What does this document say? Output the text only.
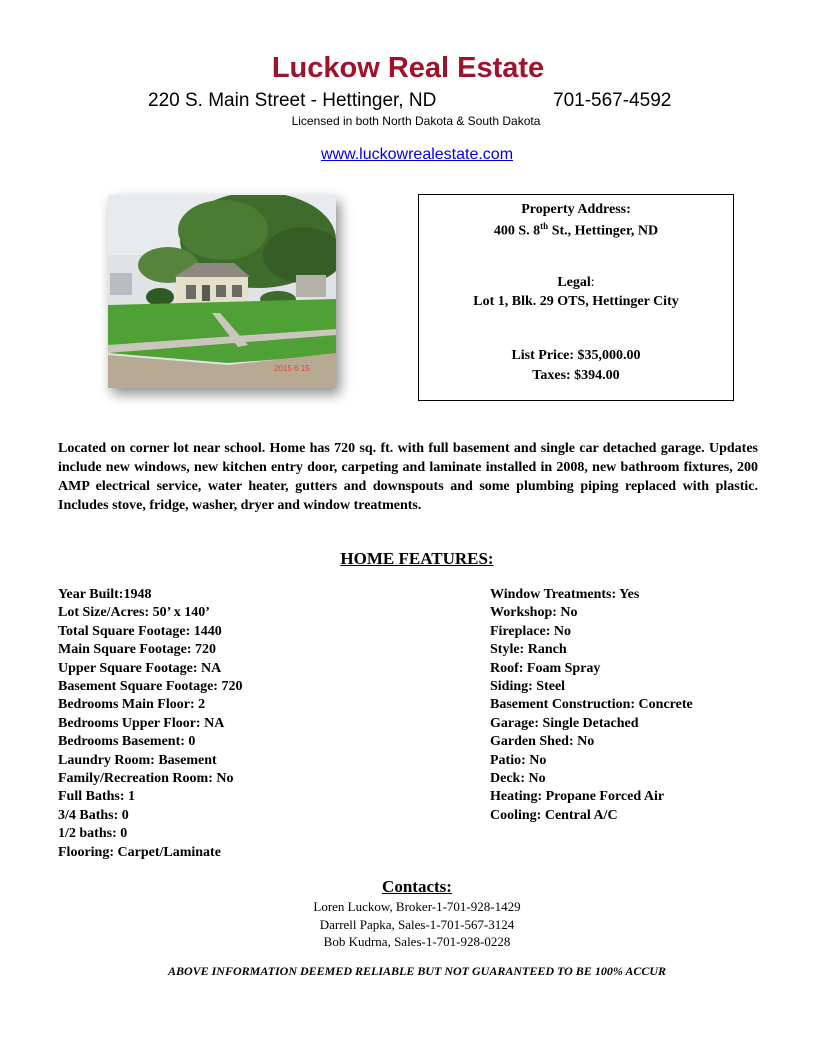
Luckow Real Estate
220 S. Main Street - Hettinger, ND	701-567-4592
Licensed in both North Dakota & South Dakota
www.luckowrealestate.com
2015 6 15
Property Address:
400 S. 8th St., Hettinger, ND
Legal:
Lot 1, Blk. 29 OTS, Hettinger City
List Price: $35,000.00
Taxes: $394.00
Located on corner lot near school. Home has 720 sq. ft. with full basement and single car detached garage. Updates include new windows, new kitchen entry door, carpeting and laminate installed in 2008, new bathroom fixtures, 200 AMP electrical service, water heater, gutters and downspouts and some plumbing piping replaced with plastic. Includes stove, fridge, washer, dryer and window treatments.
HOME FEATURES:
Year Built:1948
Lot Size/Acres: 50’ x 140’
Total Square Footage: 1440
Main Square Footage: 720
Upper Square Footage: NA
Basement Square Footage: 720
Bedrooms Main Floor: 2
Bedrooms Upper Floor: NA
Bedrooms Basement: 0
Laundry Room: Basement
Family/Recreation Room: No
Full Baths: 1
3/4 Baths: 0
1/2 baths: 0
Flooring: Carpet/Laminate
Window Treatments: Yes
Workshop: No
Fireplace: No
Style: Ranch
Roof: Foam Spray
Siding: Steel
Basement Construction: Concrete
Garage: Single Detached
Garden Shed: No
Patio: No
Deck: No
Heating: Propane Forced Air
Cooling: Central A/C
Contacts:
Loren Luckow, Broker-1-701-928-1429
Darrell Papka, Sales-1-701-567-3124
Bob Kudrna, Sales-1-701-928-0228
ABOVE INFORMATION DEEMED RELIABLE BUT NOT GUARANTEED TO BE 100% ACCUR
